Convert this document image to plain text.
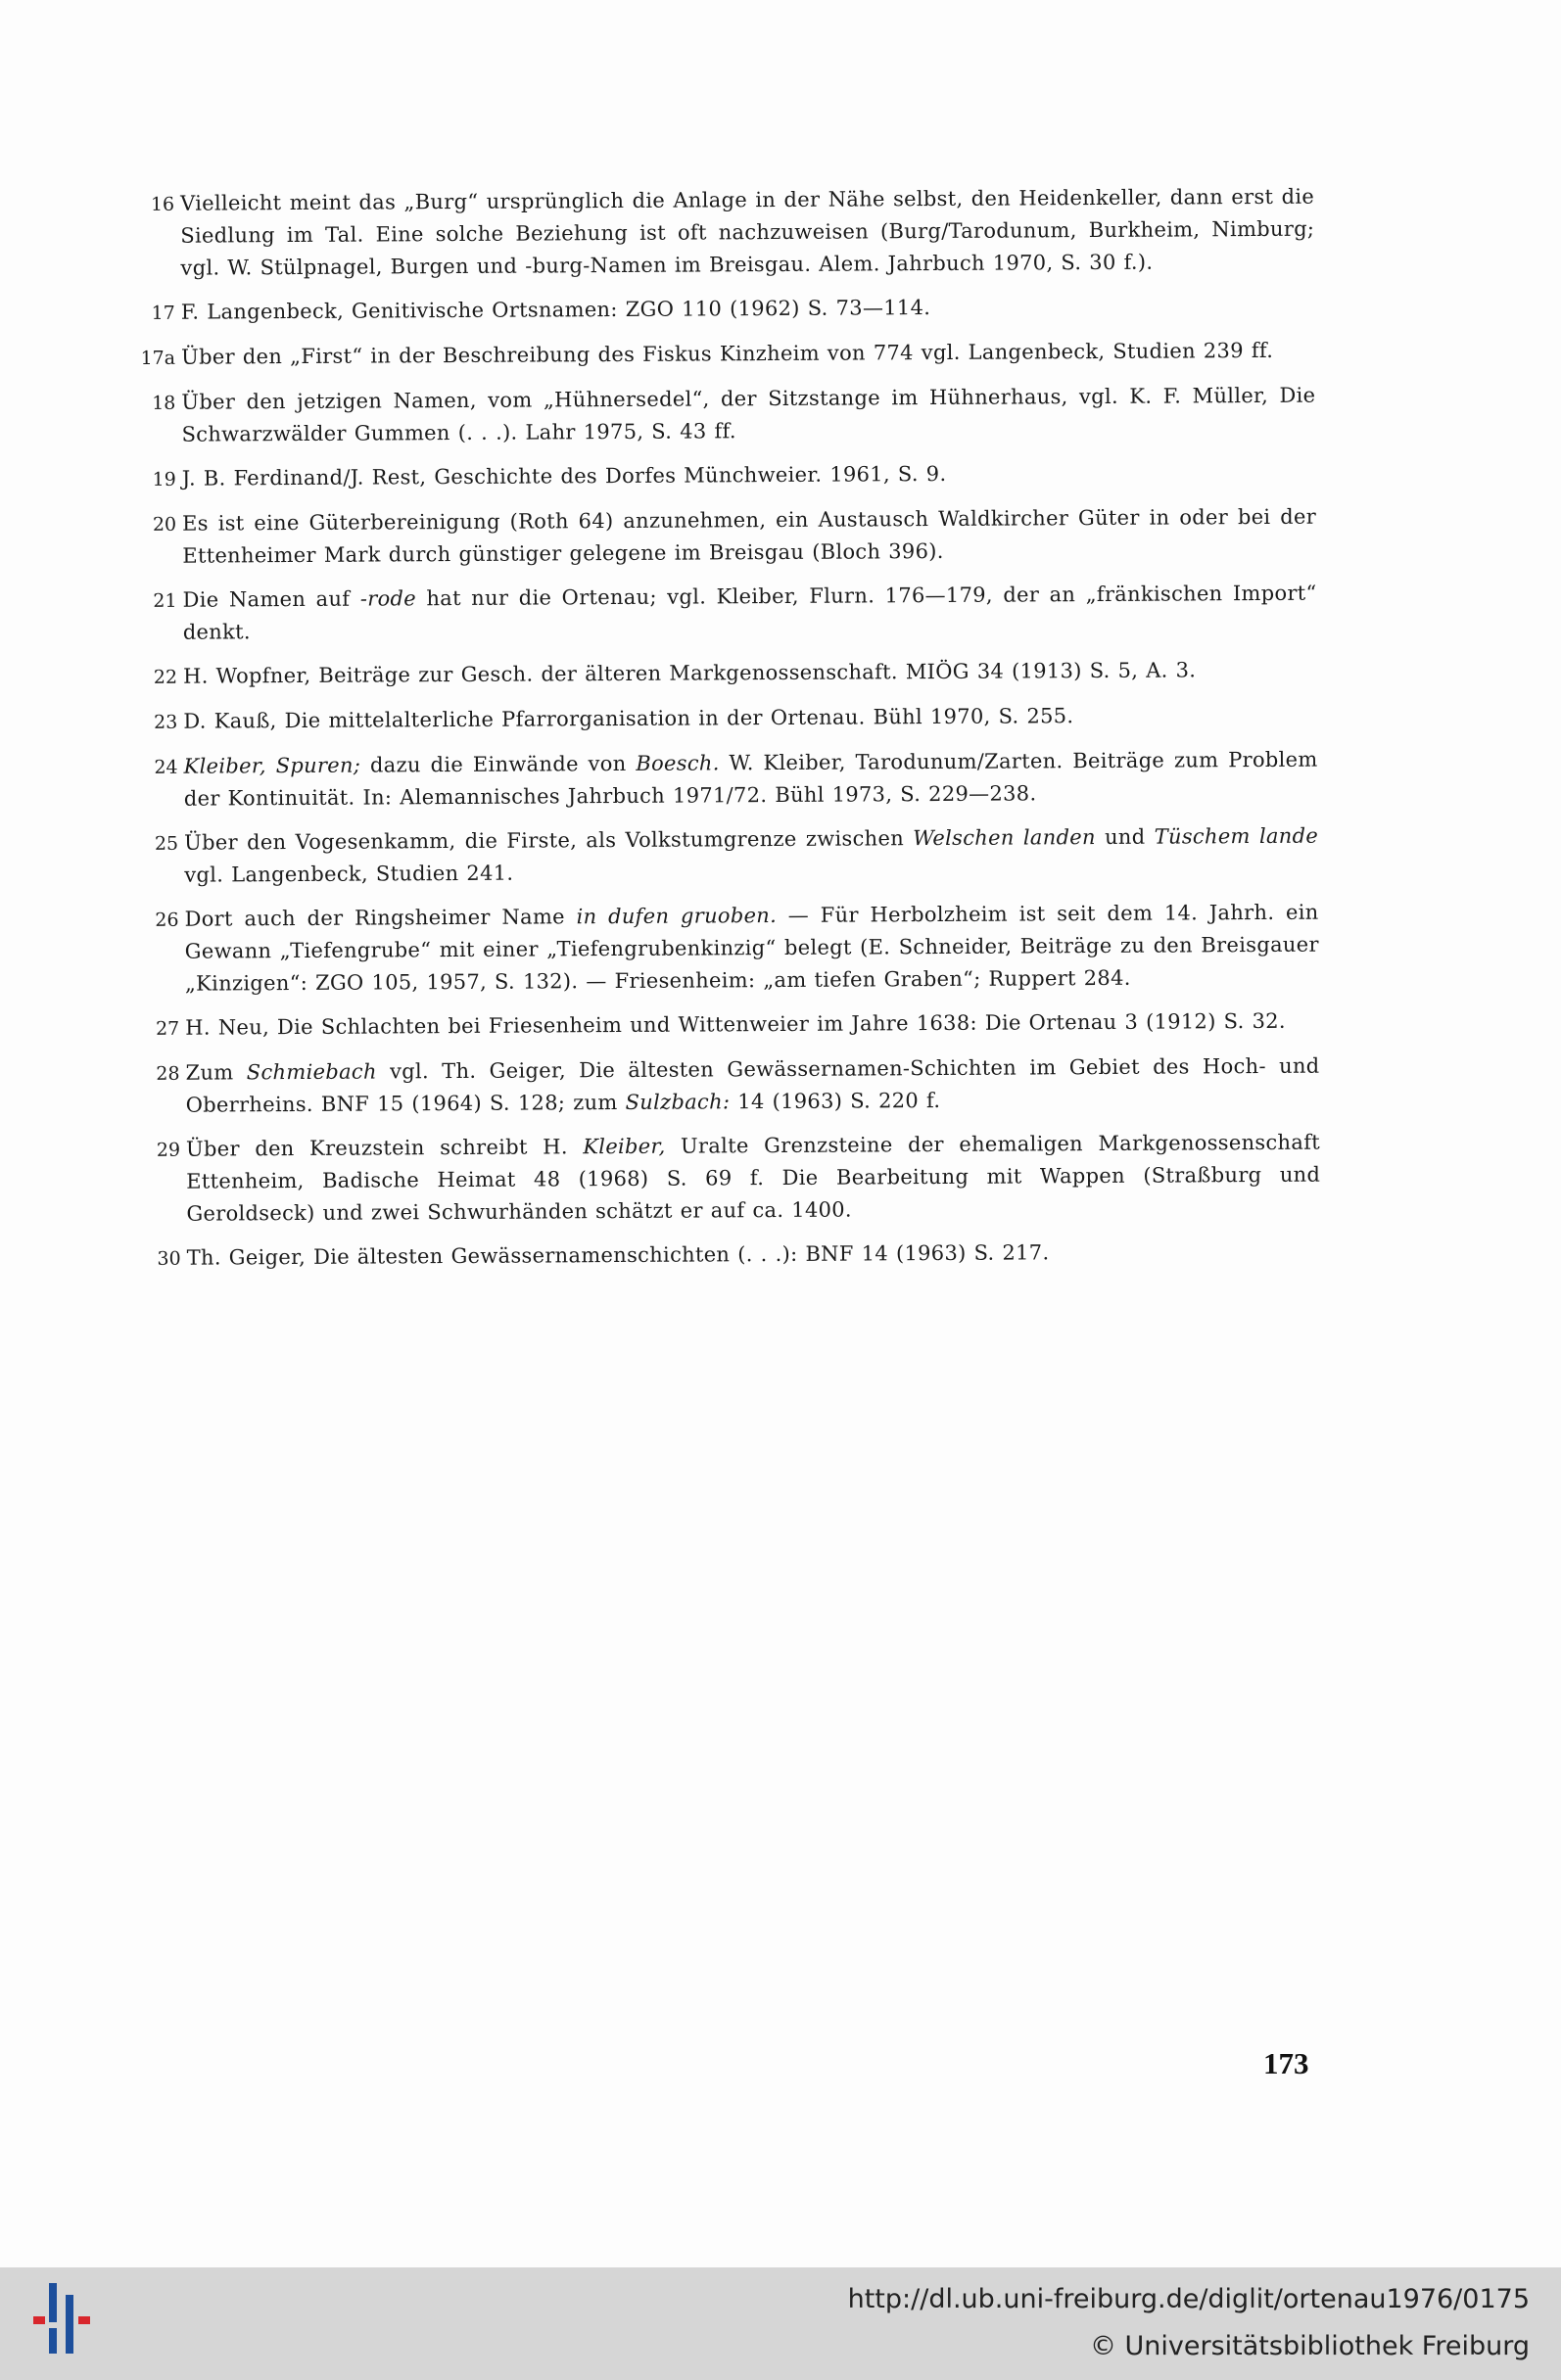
16 Vielleicht meint das „Burg“ ursprünglich die Anlage in der Nähe selbst, den Heidenkeller, dann erst die Siedlung im Tal. Eine solche Beziehung ist oft nachzuweisen (Burg/Tarodunum, Burkheim, Nimburg; vgl. W. Stülpnagel, Burgen und -burg-Namen im Breisgau. Alem. Jahrbuch 1970, S. 30 f.).
17 F. Langenbeck, Genitivische Ortsnamen: ZGO 110 (1962) S. 73—114.
17a Über den „First“ in der Beschreibung des Fiskus Kinzheim von 774 vgl. Langenbeck, Studien 239 ff.
18 Über den jetzigen Namen, vom „Hühnersedel“, der Sitzstange im Hühnerhaus, vgl. K. F. Müller, Die Schwarzwälder Gummen (. . .). Lahr 1975, S. 43 ff.
19 J. B. Ferdinand/J. Rest, Geschichte des Dorfes Münchweier. 1961, S. 9.
20 Es ist eine Güterbereinigung (Roth 64) anzunehmen, ein Austausch Waldkircher Güter in oder bei der Ettenheimer Mark durch günstiger gelegene im Breisgau (Bloch 396).
21 Die Namen auf -rode hat nur die Ortenau; vgl. Kleiber, Flurn. 176—179, der an „fränkischen Import“ denkt.
22 H. Wopfner, Beiträge zur Gesch. der älteren Markgenossenschaft. MIÖG 34 (1913) S. 5, A. 3.
23 D. Kauß, Die mittelalterliche Pfarrorganisation in der Ortenau. Bühl 1970, S. 255.
24 Kleiber, Spuren; dazu die Einwände von Boesch. W. Kleiber, Tarodunum/Zarten. Beiträge zum Problem der Kontinuität. In: Alemannisches Jahrbuch 1971/72. Bühl 1973, S. 229—238.
25 Über den Vogesenkamm, die Firste, als Volkstumgrenze zwischen Welschen landen und Tüschem lande vgl. Langenbeck, Studien 241.
26 Dort auch der Ringsheimer Name in dufen gruoben. — Für Herbolzheim ist seit dem 14. Jahrh. ein Gewann „Tiefengrube“ mit einer „Tiefengrubenkinzig“ belegt (E. Schneider, Beiträge zu den Breisgauer „Kinzigen“: ZGO 105, 1957, S. 132). — Friesenheim: „am tiefen Graben“; Ruppert 284.
27 H. Neu, Die Schlachten bei Friesenheim und Wittenweier im Jahre 1638: Die Ortenau 3 (1912) S. 32.
28 Zum Schmiebach vgl. Th. Geiger, Die ältesten Gewässernamen-Schichten im Gebiet des Hoch- und Oberrheins. BNF 15 (1964) S. 128; zum Sulzbach: 14 (1963) S. 220 f.
29 Über den Kreuzstein schreibt H. Kleiber, Uralte Grenzsteine der ehemaligen Markgenossenschaft Ettenheim, Badische Heimat 48 (1968) S. 69 f. Die Bearbeitung mit Wappen (Straßburg und Geroldseck) und zwei Schwurhänden schätzt er auf ca. 1400.
30 Th. Geiger, Die ältesten Gewässernamenschichten (. . .): BNF 14 (1963) S. 217.
173
http://dl.ub.uni-freiburg.de/diglit/ortenau1976/0175
© Universitätsbibliothek Freiburg
